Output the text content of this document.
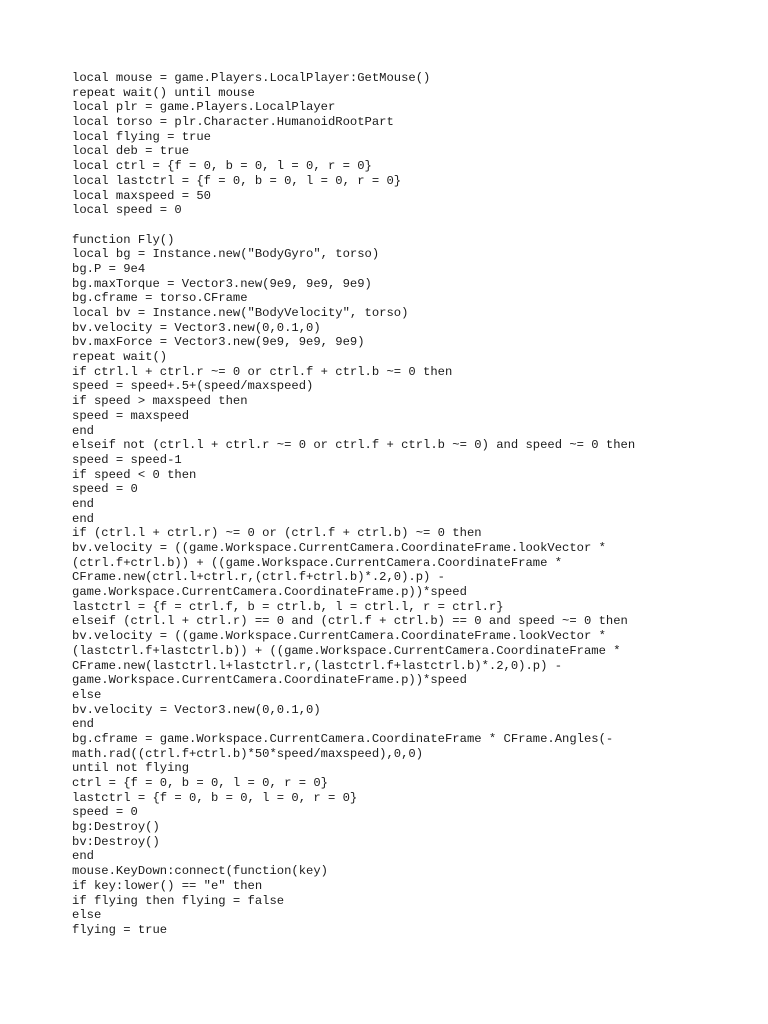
local mouse = game.Players.LocalPlayer:GetMouse()
repeat wait() until mouse
local plr = game.Players.LocalPlayer
local torso = plr.Character.HumanoidRootPart
local flying = true
local deb = true
local ctrl = {f = 0, b = 0, l = 0, r = 0}
local lastctrl = {f = 0, b = 0, l = 0, r = 0}
local maxspeed = 50
local speed = 0
function Fly()
local bg = Instance.new("BodyGyro", torso)
bg.P = 9e4
bg.maxTorque = Vector3.new(9e9, 9e9, 9e9)
bg.cframe = torso.CFrame
local bv = Instance.new("BodyVelocity", torso)
bv.velocity = Vector3.new(0,0.1,0)
bv.maxForce = Vector3.new(9e9, 9e9, 9e9)
repeat wait()
if ctrl.l + ctrl.r ~= 0 or ctrl.f + ctrl.b ~= 0 then
speed = speed+.5+(speed/maxspeed)
if speed > maxspeed then
speed = maxspeed
end
elseif not (ctrl.l + ctrl.r ~= 0 or ctrl.f + ctrl.b ~= 0) and speed ~= 0 then
speed = speed-1
if speed < 0 then
speed = 0
end
end
if (ctrl.l + ctrl.r) ~= 0 or (ctrl.f + ctrl.b) ~= 0 then
bv.velocity = ((game.Workspace.CurrentCamera.CoordinateFrame.lookVector *
(ctrl.f+ctrl.b)) + ((game.Workspace.CurrentCamera.CoordinateFrame *
CFrame.new(ctrl.l+ctrl.r,(ctrl.f+ctrl.b)*.2,0).p) -
game.Workspace.CurrentCamera.CoordinateFrame.p))*speed
lastctrl = {f = ctrl.f, b = ctrl.b, l = ctrl.l, r = ctrl.r}
elseif (ctrl.l + ctrl.r) == 0 and (ctrl.f + ctrl.b) == 0 and speed ~= 0 then
bv.velocity = ((game.Workspace.CurrentCamera.CoordinateFrame.lookVector *
(lastctrl.f+lastctrl.b)) + ((game.Workspace.CurrentCamera.CoordinateFrame *
CFrame.new(lastctrl.l+lastctrl.r,(lastctrl.f+lastctrl.b)*.2,0).p) -
game.Workspace.CurrentCamera.CoordinateFrame.p))*speed
else
bv.velocity = Vector3.new(0,0.1,0)
end
bg.cframe = game.Workspace.CurrentCamera.CoordinateFrame * CFrame.Angles(-
math.rad((ctrl.f+ctrl.b)*50*speed/maxspeed),0,0)
until not flying
ctrl = {f = 0, b = 0, l = 0, r = 0}
lastctrl = {f = 0, b = 0, l = 0, r = 0}
speed = 0
bg:Destroy()
bv:Destroy()
end
mouse.KeyDown:connect(function(key)
if key:lower() == "e" then
if flying then flying = false
else
flying = true
